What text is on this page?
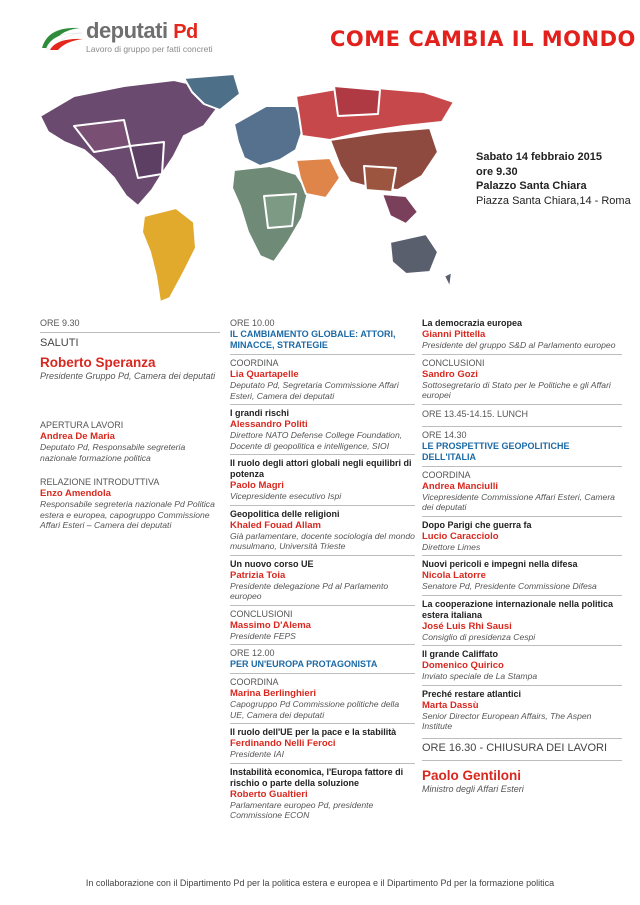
deputati Pd
Lavoro di gruppo per fatti concreti	COME CAMBIA IL MONDO
Sabato 14 febbraio 2015
ore 9.30
Palazzo Santa Chiara
Piazza Santa Chiara,14 - Roma
ORE 9.30
SALUTI
Roberto Speranza
Presidente Gruppo Pd, Camera dei deputati
APERTURA LAVORI
Andrea De Maria
Deputato Pd, Responsabile segreteria nazionale formazione politica
RELAZIONE INTRODUTTIVA
Enzo Amendola
Responsabile segreteria nazionale Pd Politica estera e europea, capogruppo Commissione Affari Esteri – Camera dei deputati
ORE 10.00
IL CAMBIAMENTO GLOBALE: ATTORI, MINACCE, STRATEGIE
COORDINA
Lia Quartapelle
Deputato Pd, Segretaria Commissione Affari Esteri, Camera dei deputati
I grandi rischi
Alessandro Politi
Direttore NATO Defense College Foundation, Docente di geopolitica e intelligence, SIOI
Il ruolo degli attori globali negli equilibri di potenza
Paolo Magri
Vicepresidente esecutivo Ispi
Geopolitica delle religioni
Khaled Fouad Allam
Già parlamentare, docente sociologia del mondo musulmano, Università Trieste
Un nuovo corso UE
Patrizia Toia
Presidente delegazione Pd al Parlamento europeo
CONCLUSIONI
Massimo D'Alema
Presidente FEPS
ORE 12.00
PER UN'EUROPA PROTAGONISTA
COORDINA
Marina Berlinghieri
Capogruppo Pd Commissione politiche della UE, Camera dei deputati
Il ruolo dell'UE per la pace e la stabilità
Ferdinando Nelli Feroci
Presidente IAI
Instabilità economica, l'Europa fattore di rischio o parte della soluzione
Roberto Gualtieri
Parlamentare europeo Pd, presidente Commissione ECON
La democrazia europea
Gianni Pittella
Presidente del gruppo S&D al Parlamento europeo
CONCLUSIONI
Sandro Gozi
Sottosegretario di Stato per le Politiche e gli Affari europei
ORE 13.45-14.15. LUNCH
ORE 14.30
LE PROSPETTIVE GEOPOLITICHE DELL'ITALIA
COORDINA
Andrea Manciulli
Vicepresidente Commissione Affari Esteri, Camera dei deputati
Dopo Parigi che guerra fa
Lucio Caracciolo
Direttore Limes
Nuovi pericoli e impegni nella difesa
Nicola Latorre
Senatore Pd, Presidente Commissione Difesa
La cooperazione internazionale nella politica estera italiana
José Luis Rhi Sausi
Consiglio di presidenza Cespi
Il grande Califfato
Domenico Quirico
Inviato speciale de La Stampa
Preché restare atlantici
Marta Dassù
Senior Director European Affairs, The Aspen Institute
ORE 16.30 - CHIUSURA DEI LAVORI
Paolo Gentiloni
Ministro degli Affari Esteri
In collaborazione con il Dipartimento Pd per la politica estera e europea e il Dipartimento Pd per la formazione politica
